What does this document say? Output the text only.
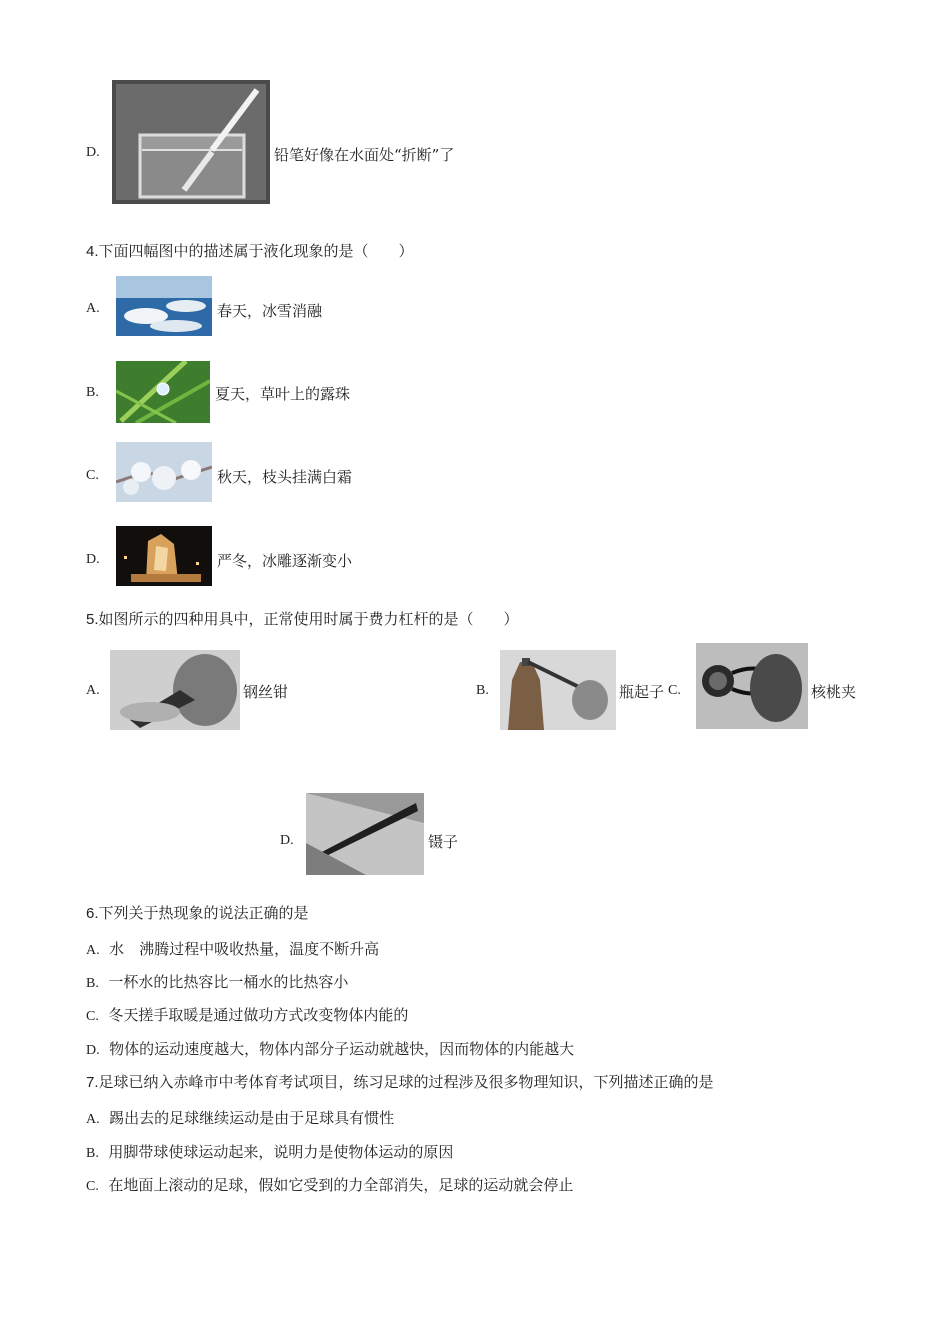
D.	铅笔好像在水面处“折断”了
4.下面四幅图中的描述属于液化现象的是（　　）
A.	春天，冰雪消融
B.	夏天，草叶上的露珠
C.	秋天，枝头挂满白霜
D.	严冬，冰雕逐渐变小
5.如图所示的四种用具中，正常使用时属于费力杠杆的是（　　）
A.	钢丝钳	B.	瓶起子 C.	核桃夹
D.	镊子
6.下列关于热现象的说法正确的是
A. 水　沸腾过程中吸收热量，温度不断升高
B. 一杯水的比热容比一桶水的比热容小
C. 冬天搓手取暖是通过做功方式改变物体内能的
D. 物体的运动速度越大，物体内部分子运动就越快，因而物体的内能越大
7.足球已纳入赤峰市中考体育考试项目，练习足球的过程涉及很多物理知识，下列描述正确的是
A. 踢出去的足球继续运动是由于足球具有惯性
B. 用脚带球使球运动起来，说明力是使物体运动的原因
C. 在地面上滚动的足球，假如它受到的力全部消失，足球的运动就会停止
